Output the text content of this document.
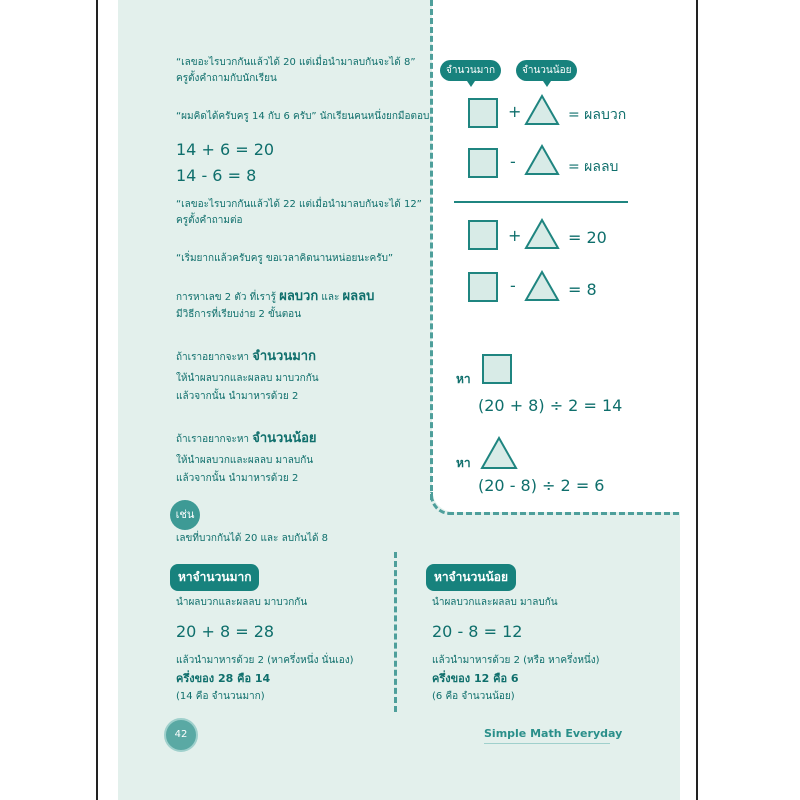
“เลขอะไรบวกกันแล้วได้ 20 แต่เมื่อนำมาลบกันจะได้ 8”
ครูตั้งคำถามกับนักเรียน
“ผมคิดได้ครับครู 14 กับ 6 ครับ” นักเรียนคนหนึ่งยกมือตอบ
14 + 6 = 20
14 - 6 = 8
“เลขอะไรบวกกันแล้วได้ 22 แต่เมื่อนำมาลบกันจะได้ 12”
ครูตั้งคำถามต่อ
“เริ่มยากแล้วครับครู ขอเวลาคิดนานหน่อยนะครับ”
การหาเลข 2 ตัว ที่เรารู้ ผลบวก และ ผลลบ
มีวิธีการที่เรียบง่าย 2 ขั้นตอน
ถ้าเราอยากจะหา จำนวนมาก
ให้นำผลบวกและผลลบ มาบวกกัน
แล้วจากนั้น นำมาหารด้วย 2
ถ้าเราอยากจะหา จำนวนน้อย
ให้นำผลบวกและผลลบ มาลบกัน
แล้วจากนั้น นำมาหารด้วย 2
จำนวนมาก	จำนวนน้อย
+	= ผลบวก
-	= ผลลบ
+	= 20
-	= 8
หา
(20 + 8) ÷ 2 = 14
หา
(20 - 8) ÷ 2 = 6
เช่น
เลขที่บวกกันได้ 20 และ ลบกันได้ 8
หาจำนวนมาก
นำผลบวกและผลลบ มาบวกกัน
20 + 8 = 28
แล้วนำมาหารด้วย 2 (หาครึ่งหนึ่ง นั่นเอง)
ครึ่งของ 28 คือ 14
(14 คือ จำนวนมาก)
หาจำนวนน้อย
นำผลบวกและผลลบ มาลบกัน
20 - 8 = 12
แล้วนำมาหารด้วย 2 (หรือ หาครึ่งหนึ่ง)
ครึ่งของ 12 คือ 6
(6 คือ จำนวนน้อย)
42	Simple Math Everyday
